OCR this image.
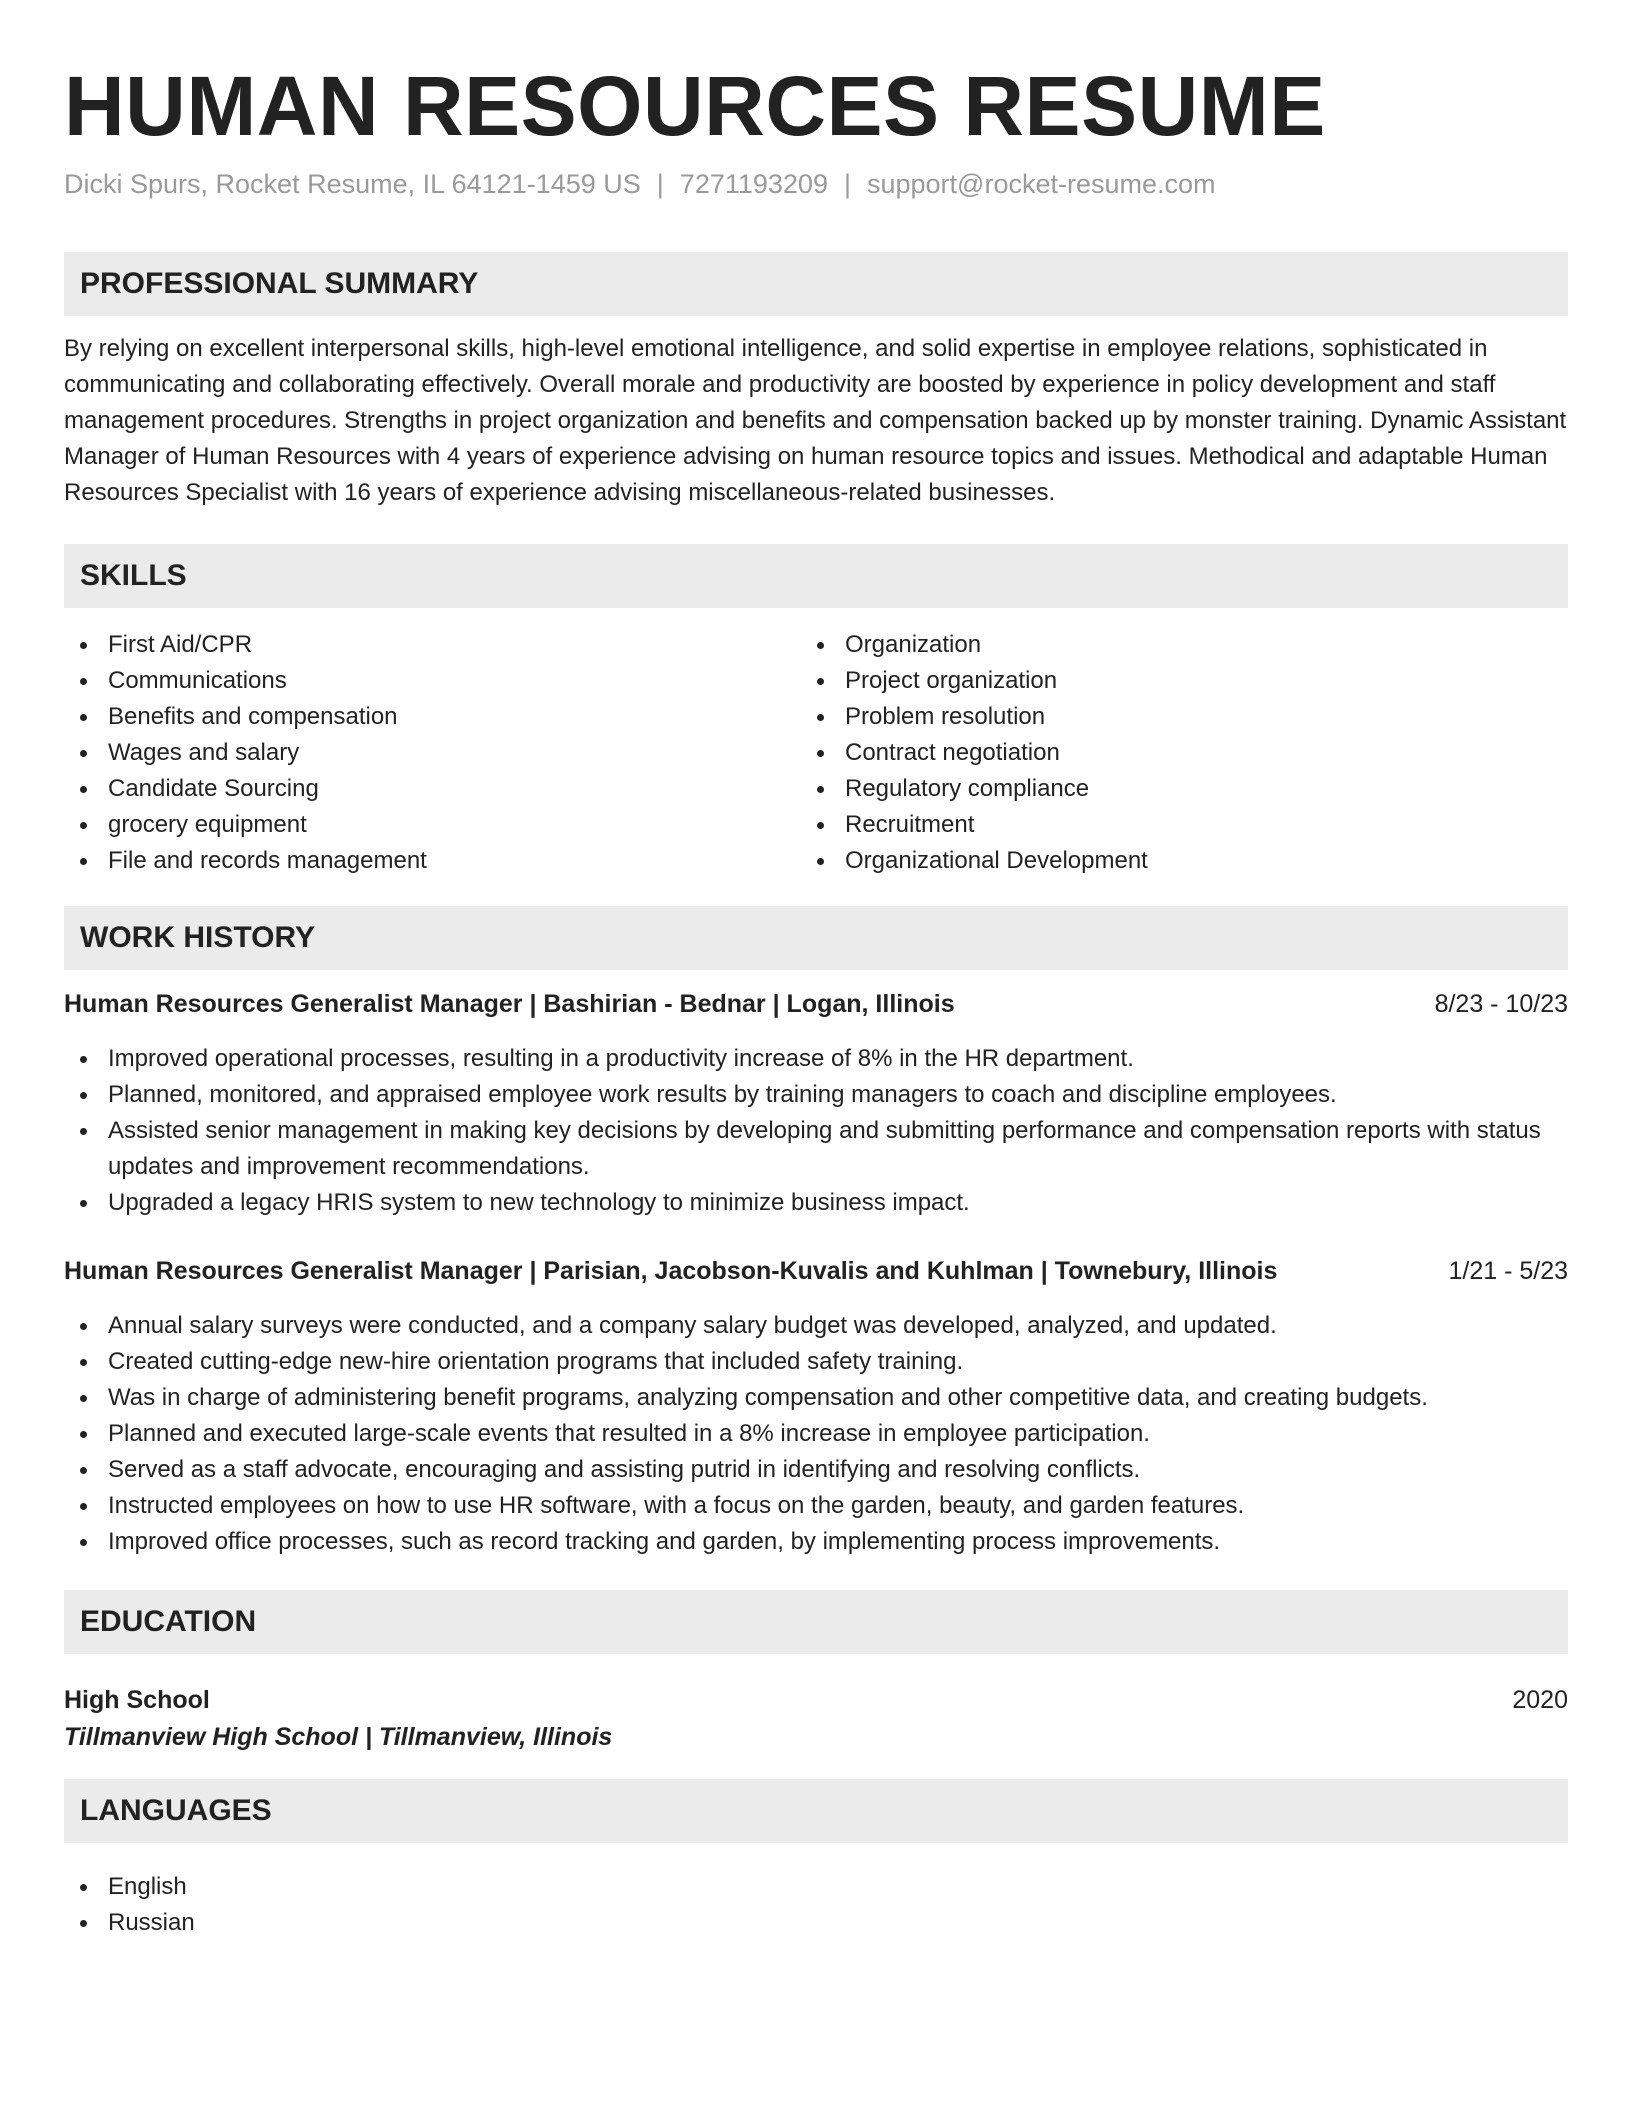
HUMAN RESOURCES RESUME
Dicki Spurs, Rocket Resume, IL 64121-1459 US | 7271193209 | support@rocket-resume.com
PROFESSIONAL SUMMARY

By relying on excellent interpersonal skills, high-level emotional intelligence, and solid expertise in employee relations, sophisticated in communicating and collaborating effectively. Overall morale and productivity are boosted by experience in policy development and staff management procedures. Strengths in project organization and benefits and compensation backed up by monster training. Dynamic Assistant Manager of Human Resources with 4 years of experience advising on human resource topics and issues. Methodical and adaptable Human Resources Specialist with 16 years of experience advising miscellaneous-related businesses.

SKILLS
First Aid/CPR
Communications
Benefits and compensation
Wages and salary
Candidate Sourcing
grocery equipment
File and records management
Organization
Project organization
Problem resolution
Contract negotiation
Regulatory compliance
Recruitment
Organizational Development
WORK HISTORY
Human Resources Generalist Manager | Bashirian - Bednar | Logan, Illinois	8/23 - 10/23
Improved operational processes, resulting in a productivity increase of 8% in the HR department.
Planned, monitored, and appraised employee work results by training managers to coach and discipline employees.
Assisted senior management in making key decisions by developing and submitting performance and compensation reports with status updates and improvement recommendations.
Upgraded a legacy HRIS system to new technology to minimize business impact.
Human Resources Generalist Manager | Parisian, Jacobson-Kuvalis and Kuhlman | Townebury, Illinois	1/21 - 5/23
Annual salary surveys were conducted, and a company salary budget was developed, analyzed, and updated.
Created cutting-edge new-hire orientation programs that included safety training.
Was in charge of administering benefit programs, analyzing compensation and other competitive data, and creating budgets.
Planned and executed large-scale events that resulted in a 8% increase in employee participation.
Served as a staff advocate, encouraging and assisting putrid in identifying and resolving conflicts.
Instructed employees on how to use HR software, with a focus on the garden, beauty, and garden features.
Improved office processes, such as record tracking and garden, by implementing process improvements.
EDUCATION
High School	2020
Tillmanview High School | Tillmanview, Illinois
LANGUAGES
English
Russian
